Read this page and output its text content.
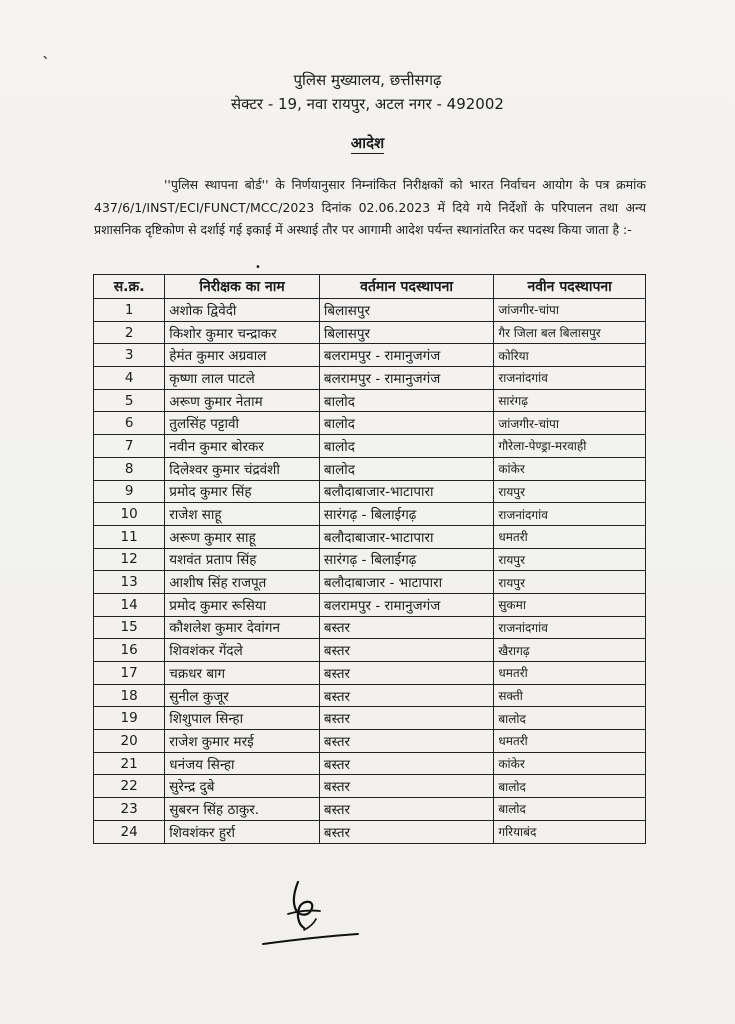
ˋ
•
पुलिस मुख्यालय, छत्तीसगढ़
सेक्टर - 19, नवा रायपुर, अटल नगर - 492002
आदेश
''पुलिस स्थापना बोर्ड'' के निर्णयानुसार निम्नांकित निरीक्षकों को भारत निर्वाचन आयोग के पत्र क्रमांक 437/6/1/INST/ECI/FUNCT/MCC/2023 दिनांक 02.06.2023 में दिये गये निर्देशों के परिपालन तथा अन्य प्रशासनिक दृष्टिकोण से दर्शाई गई इकाई में अस्थाई तौर पर आगामी आदेश पर्यन्त स्थानांतरित कर पदस्थ किया जाता है :-
स.क्र.	निरीक्षक का नाम	वर्तमान पदस्थापना	नवीन पदस्थापना
1	अशोक द्विवेदी	बिलासपुर	जांजगीर-चांपा
2	किशोर कुमार चन्द्राकर	बिलासपुर	गैर जिला बल बिलासपुर
3	हेमंत कुमार अग्रवाल	बलरामपुर - रामानुजगंज	कोरिया
4	कृष्णा लाल पाटले	बलरामपुर - रामानुजगंज	राजनांदगांव
5	अरूण कुमार नेताम	बालोद	सारंगढ़
6	तुलसिंह पट्टावी	बालोद	जांजगीर-चांपा
7	नवीन कुमार बोरकर	बालोद	गौरेला-पेण्ड्रा-मरवाही
8	दिलेश्वर कुमार चंद्रवंशी	बालोद	कांकेर
9	प्रमोद कुमार सिंह	बलौदाबाजार-भाटापारा	रायपुर
10	राजेश साहू	सारंगढ़ - बिलाईगढ़	राजनांदगांव
11	अरूण कुमार साहू	बलौदाबाजार-भाटापारा	धमतरी
12	यशवंत प्रताप सिंह	सारंगढ़ - बिलाईगढ़	रायपुर
13	आशीष सिंह राजपूत	बलौदाबाजार - भाटापारा	रायपुर
14	प्रमोद कुमार रूसिया	बलरामपुर - रामानुजगंज	सुकमा
15	कौशलेश कुमार देवांगन	बस्तर	राजनांदगांव
16	शिवशंकर गेंदले	बस्तर	खैरागढ़
17	चक्रधर बाग	बस्तर	धमतरी
18	सुनील कुजूर	बस्तर	सक्ती
19	शिशुपाल सिन्हा	बस्तर	बालोद
20	राजेश कुमार मरई	बस्तर	धमतरी
21	धनंजय सिन्हा	बस्तर	कांकेर
22	सुरेन्द्र दुबे	बस्तर	बालोद
23	सुबरन सिंह ठाकुर.	बस्तर	बालोद
24	शिवशंकर हुर्रा	बस्तर	गरियाबंद
